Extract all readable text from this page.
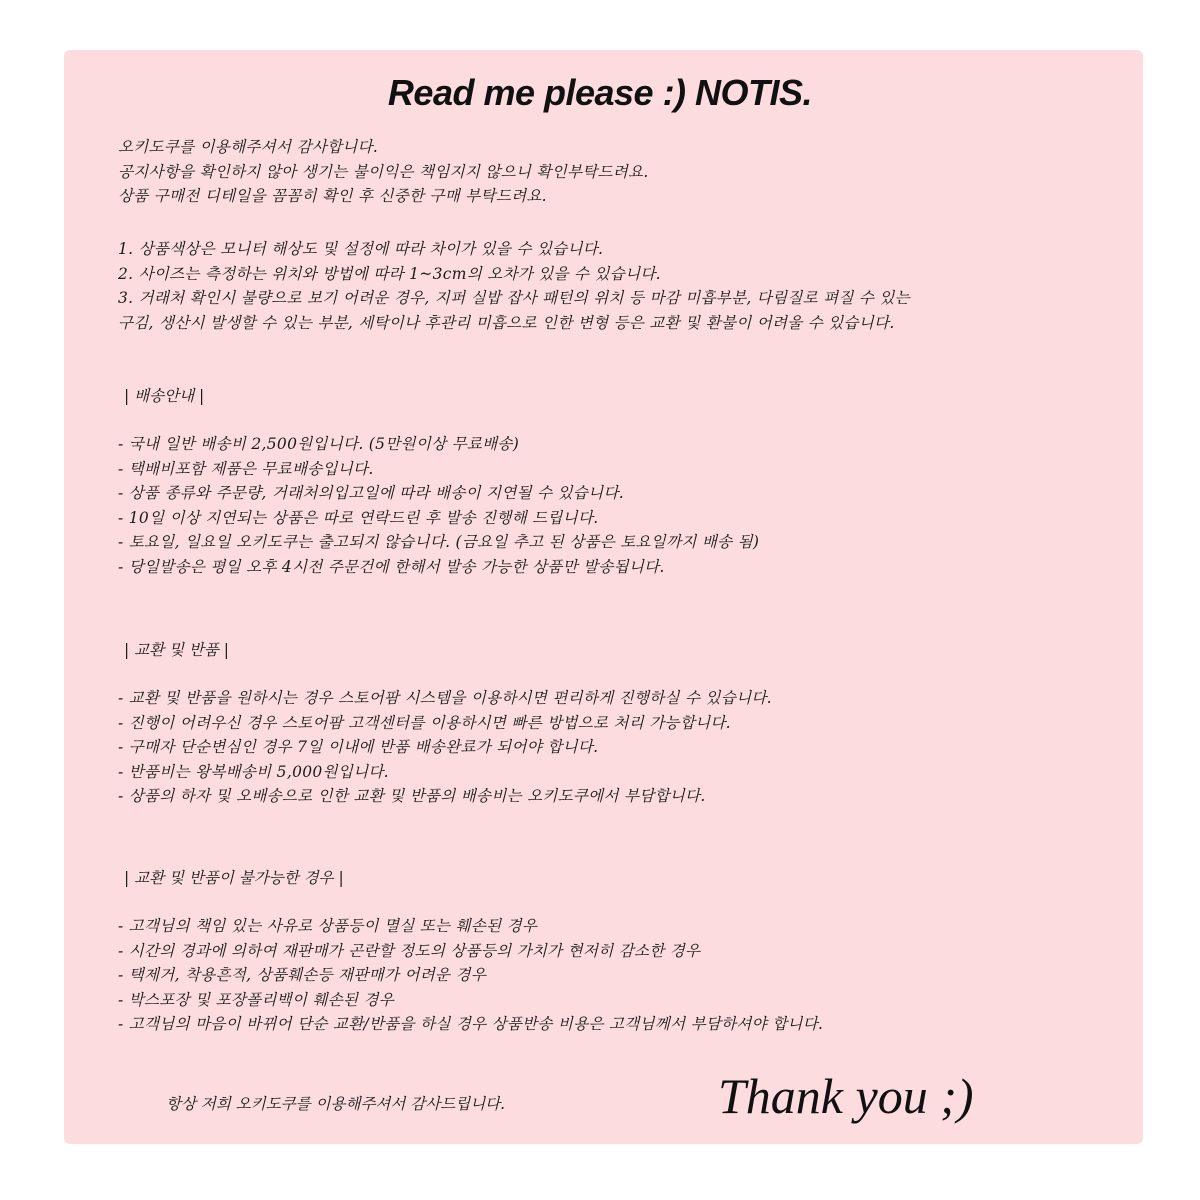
Read me please :) NOTIS.
오키도쿠를 이용해주셔서 감사합니다.
공지사항을 확인하지 않아 생기는 불이익은 책임지지 않으니 확인부탁드려요.
상품 구매전 디테일을 꼼꼼히 확인 후 신중한 구매 부탁드려요.
1. 상품색상은 모니터 해상도 및 설정에 따라 차이가 있을 수 있습니다.
2. 사이즈는 측정하는 위치와 방법에 따라 1~3cm의 오차가 있을 수 있습니다.
3. 거래처 확인시 불량으로 보기 어려운 경우, 지퍼 실밥 잡사 패턴의 위치 등 마감 미흡부분, 다림질로 펴질 수 있는
구김, 생산시 발생할 수 있는 부분, 세탁이나 후관리 미흡으로 인한 변형 등은 교환 및 환불이 어려울 수 있습니다.
| 배송안내 |
- 국내 일반 배송비 2,500원입니다. (5만원이상 무료배송)
- 택배비포함 제품은 무료배송입니다.
- 상품 종류와 주문량, 거래처의입고일에 따라 배송이 지연될 수 있습니다.
- 10일 이상 지연되는 상품은 따로 연락드린 후 발송 진행해 드립니다.
- 토요일, 일요일 오키도쿠는 출고되지 않습니다. (금요일 추고 된 상품은 토요일까지 배송 됨)
- 당일발송은 평일 오후 4시전 주문건에 한해서 발송 가능한 상품만 발송됩니다.
| 교환 및 반품 |
- 교환 및 반품을 원하시는 경우 스토어팜 시스템을 이용하시면 편리하게 진행하실 수 있습니다.
- 진행이 어려우신 경우 스토어팜 고객센터를 이용하시면 빠른 방법으로 처리 가능합니다.
- 구매자 단순변심인 경우 7일 이내에 반품 배송완료가 되어야 합니다.
- 반품비는 왕복배송비 5,000원입니다.
- 상품의 하자 및 오배송으로 인한 교환 및 반품의 배송비는 오키도쿠에서 부담합니다.
| 교환 및 반품이 불가능한 경우 |
- 고객님의 책임 있는 사유로 상품등이 멸실 또는 훼손된 경우
- 시간의 경과에 의하여 재판매가 곤란할 정도의 상품등의 가치가 현저히 감소한 경우
- 택제거, 착용흔적, 상품훼손등 재판매가 어려운 경우
- 박스포장 및 포장폴리백이 훼손된 경우
- 고객님의 마음이 바뀌어 단순 교환/반품을 하실 경우 상품반송 비용은 고객님께서 부담하셔야 합니다.
항상 저희 오키도쿠를 이용해주셔서 감사드립니다.	Thank you ;)
